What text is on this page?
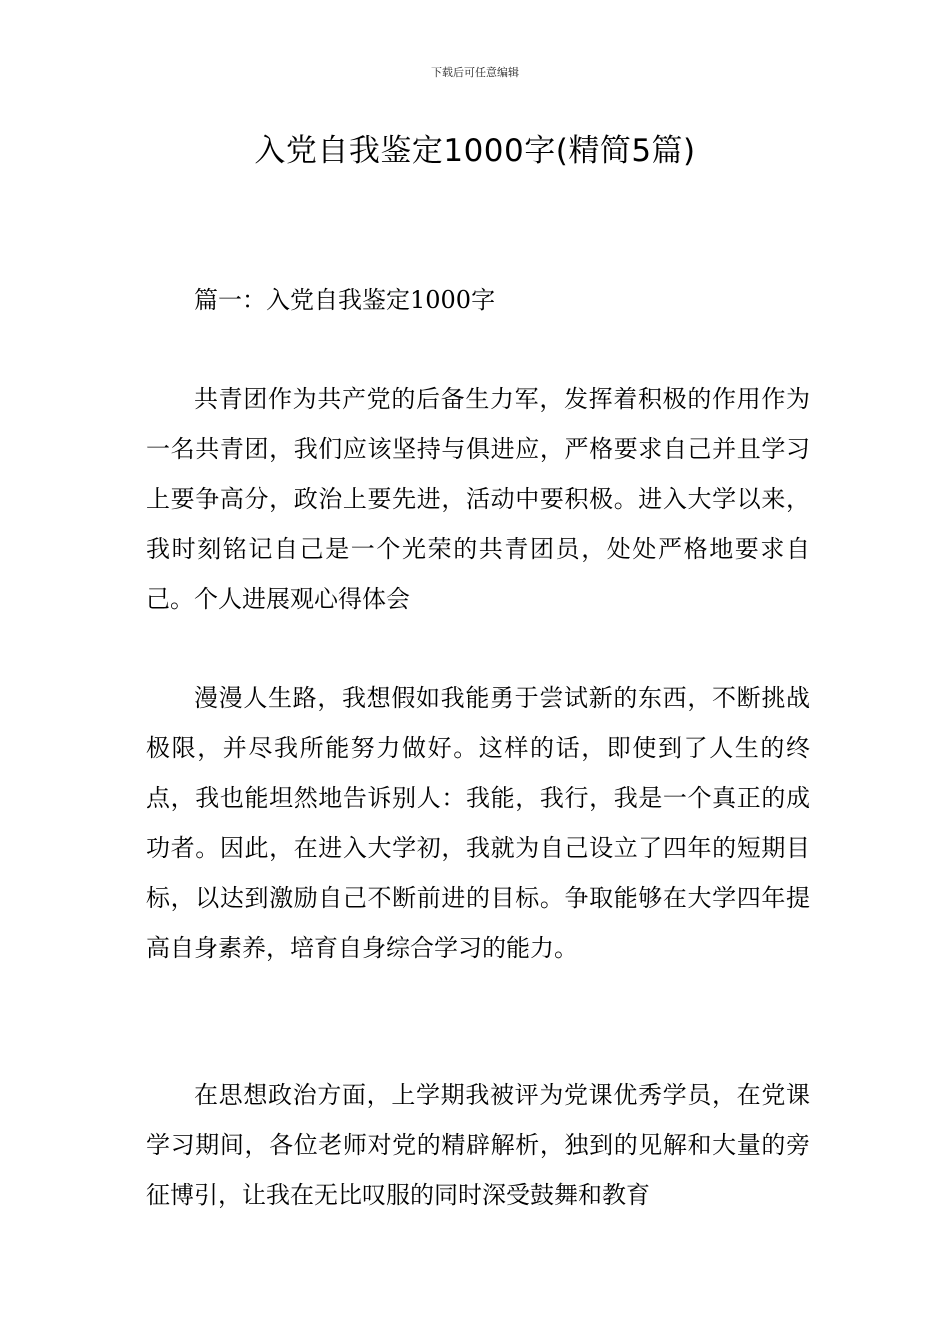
下载后可任意编辑
入党自我鉴定1000字(精简5篇)

篇一：入党自我鉴定1000字

共青团作为共产党的后备生力军，发挥着积极的作用作为一名共青团，我们应该坚持与俱进应，严格要求自己并且学习上要争高分，政治上要先进，活动中要积极。进入大学以来，我时刻铭记自己是一个光荣的共青团员，处处严格地要求自己。个人进展观心得体会

漫漫人生路，我想假如我能勇于尝试新的东西，不断挑战极限，并尽我所能努力做好。这样的话，即使到了人生的终点，我也能坦然地告诉别人：我能，我行，我是一个真正的成功者。因此，在进入大学初，我就为自己设立了四年的短期目标，以达到激励自己不断前进的目标。争取能够在大学四年提高自身素养，培育自身综合学习的能力。

在思想政治方面，上学期我被评为党课优秀学员，在党课学习期间，各位老师对党的精辟解析，独到的见解和大量的旁征博引，让我在无比叹服的同时深受鼓舞和教育
